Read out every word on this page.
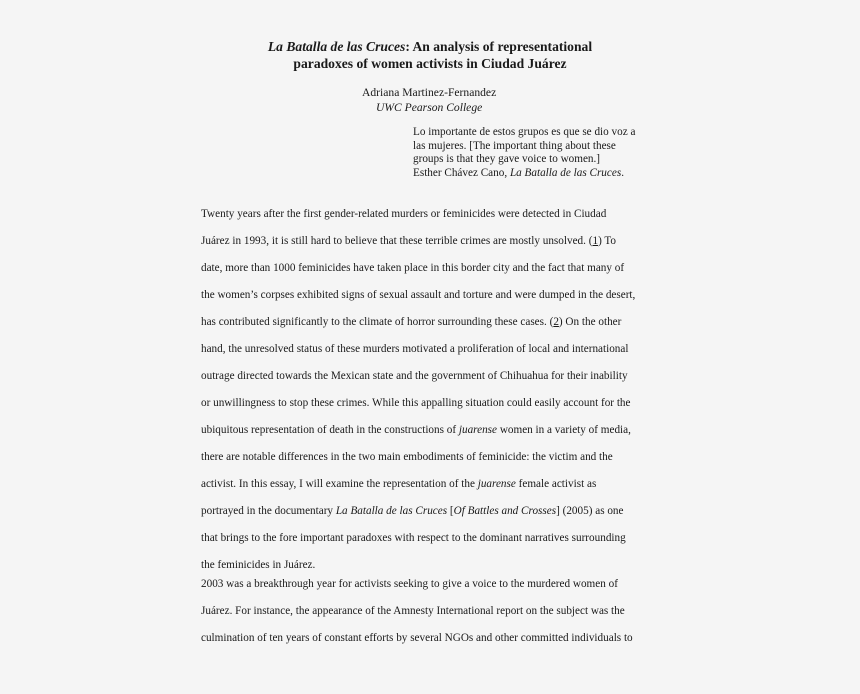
La Batalla de las Cruces: An analysis of representational
paradoxes of women activists in Ciudad Juárez
Adriana Martinez-Fernandez
UWC Pearson College
Lo importante de estos grupos es que se dio voz a
las mujeres. [The important thing about these
groups is that they gave voice to women.]
Esther Chávez Cano, La Batalla de las Cruces.
Twenty years after the first gender-related murders or feminicides were detected in Ciudad
Juárez in 1993, it is still hard to believe that these terrible crimes are mostly unsolved. (1) To
date, more than 1000 feminicides have taken place in this border city and the fact that many of
the women’s corpses exhibited signs of sexual assault and torture and were dumped in the desert,
has contributed significantly to the climate of horror surrounding these cases. (2) On the other
hand, the unresolved status of these murders motivated a proliferation of local and international
outrage directed towards the Mexican state and the government of Chihuahua for their inability
or unwillingness to stop these crimes. While this appalling situation could easily account for the
ubiquitous representation of death in the constructions of juarense women in a variety of media,
there are notable differences in the two main embodiments of feminicide: the victim and the
activist. In this essay, I will examine the representation of the juarense female activist as
portrayed in the documentary La Batalla de las Cruces [Of Battles and Crosses] (2005) as one
that brings to the fore important paradoxes with respect to the dominant narratives surrounding
the feminicides in Juárez.
2003 was a breakthrough year for activists seeking to give a voice to the murdered women of
Juárez. For instance, the appearance of the Amnesty International report on the subject was the
culmination of ten years of constant efforts by several NGOs and other committed individuals to
